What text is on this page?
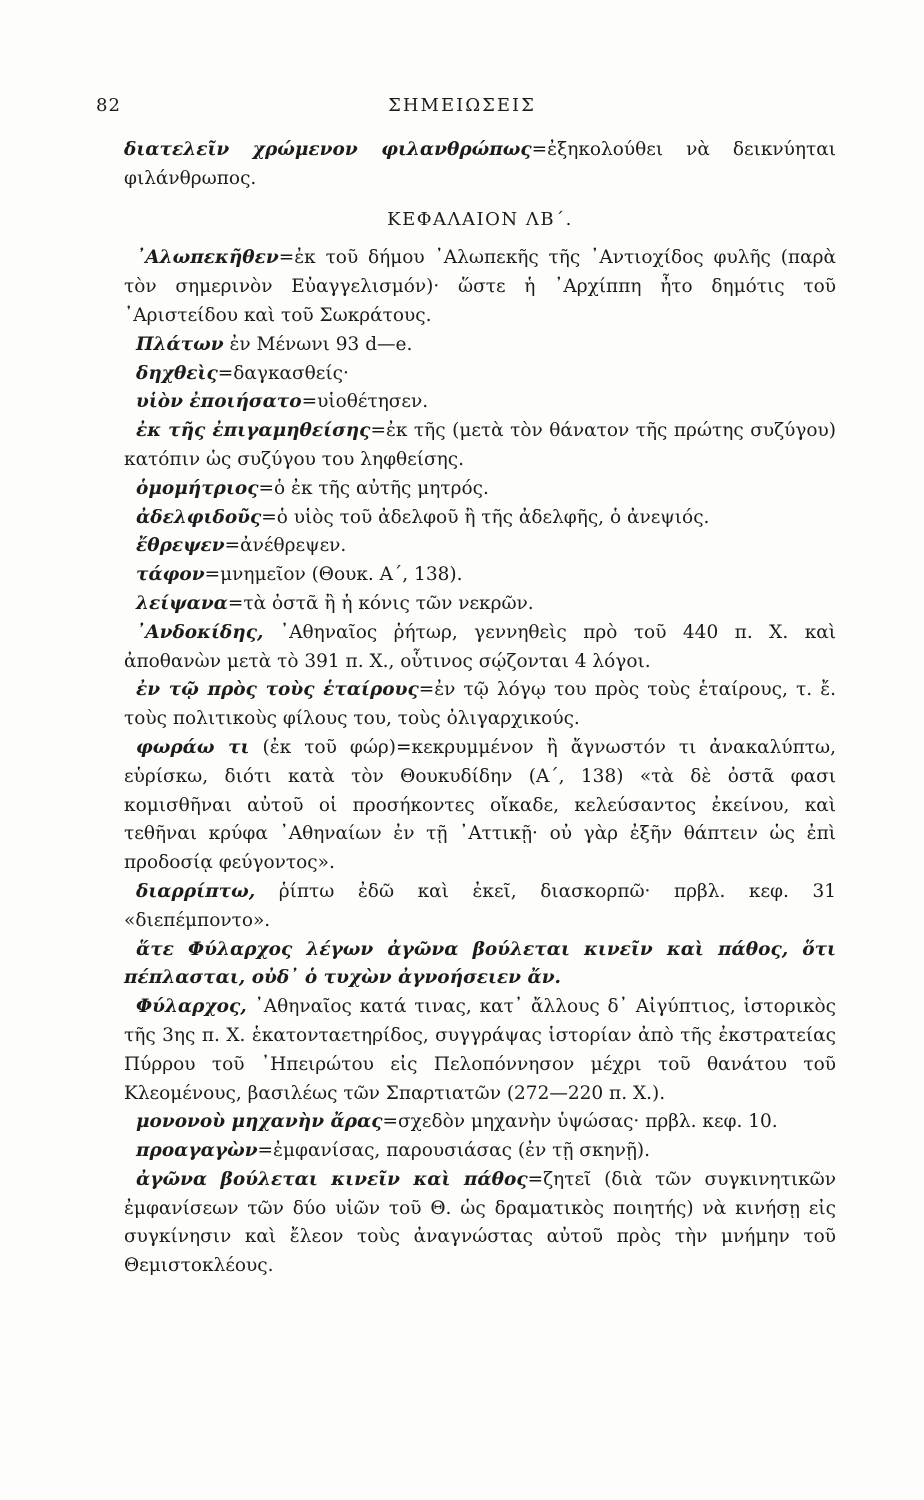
82	ΣΗΜΕΙΩΣΕΙΣ

διατελεῖν χρώμενον φιλανθρώπως=ἐξηκολούθει νὰ δεικνύηται φιλάνθρωπος.

ΚΕΦΑΛΑΙΟΝ ΛΒ΄.

᾿Αλωπεκῆθεν=ἐκ τοῦ δήμου ᾿Αλωπεκῆς τῆς ᾿Αντιοχίδος φυλῆς (παρὰ τὸν σημερινὸν Εὐαγγελισμόν)· ὥστε ἡ ᾿Αρχίππη ἦτο δημότις τοῦ ᾿Αριστείδου καὶ τοῦ Σωκράτους.

Πλάτων ἐν Μένωνι 93 d—e.

δηχθεὶς=δαγκασθείς·

υἱὸν ἐποιήσατο=υἱοθέτησεν.

ἐκ τῆς ἐπιγαμηθείσης=ἐκ τῆς (μετὰ τὸν θάνατον τῆς πρώτης συζύγου) κατόπιν ὡς συζύγου του ληφθείσης.

ὁμομήτριος=ὁ ἐκ τῆς αὐτῆς μητρός.

ἀδελφιδοῦς=ὁ υἱὸς τοῦ ἀδελφοῦ ἢ τῆς ἀδελφῆς, ὁ ἀνεψιός.

ἔθρεψεν=ἀνέθρεψεν.

τάφον=μνημεῖον (Θουκ. Α΄, 138).

λείψανα=τὰ ὀστᾶ ἢ ἡ κόνις τῶν νεκρῶν.

᾿Ανδοκίδης, ᾿Αθηναῖος ῥήτωρ, γεννηθεὶς πρὸ τοῦ 440 π. Χ. καὶ ἀποθανὼν μετὰ τὸ 391 π. Χ., οὗτινος σῴζονται 4 λόγοι.

ἐν τῷ πρὸς τοὺς ἑταίρους=ἐν τῷ λόγῳ του πρὸς τοὺς ἑταίρους, τ. ἔ. τοὺς πολιτικοὺς φίλους του, τοὺς ὀλιγαρχικούς.

φωράω τι (ἐκ τοῦ φώρ)=κεκρυμμένον ἢ ἄγνωστόν τι ἀνακαλύπτω, εὑρίσκω, διότι κατὰ τὸν Θουκυδίδην (Α΄, 138) «τὰ δὲ ὀστᾶ φασι κομισθῆναι αὐτοῦ οἱ προσήκοντες οἴκαδε, κελεύσαντος ἐκείνου, καὶ τεθῆναι κρύφα ᾿Αθηναίων ἐν τῇ ᾿Αττικῇ· οὐ γὰρ ἐξῆν θάπτειν ὡς ἐπὶ προδοσίᾳ φεύγοντος».

διαρρίπτω, ῥίπτω ἐδῶ καὶ ἐκεῖ, διασκορπῶ· πρβλ. κεφ. 31 «διεπέμποντο».

ἅτε Φύλαρχος λέγων ἀγῶνα βούλεται κινεῖν καὶ πάθος, ὅτι πέπλασται, οὐδ᾿ ὁ τυχὼν ἀγνοήσειεν ἄν.

Φύλαρχος, ᾿Αθηναῖος κατά τινας, κατ᾿ ἄλλους δ᾿ Αἰγύπτιος, ἱστορικὸς τῆς 3ης π. Χ. ἑκατονταετηρίδος, συγγράψας ἱστορίαν ἀπὸ τῆς ἐκστρατείας Πύρρου τοῦ ᾿Ηπειρώτου εἰς Πελοπόννησον μέχρι τοῦ θανάτου τοῦ Κλεομένους, βασιλέως τῶν Σπαρτιατῶν (272—220 π. Χ.).

μονονοὺ μηχανὴν ἄρας=σχεδὸν μηχανὴν ὑψώσας· πρβλ. κεφ. 10.

προαγαγὼν=ἐμφανίσας, παρουσιάσας (ἐν τῇ σκηνῇ).

ἀγῶνα βούλεται κινεῖν καὶ πάθος=ζητεῖ (διὰ τῶν συγκινητικῶν ἐμφανίσεων τῶν δύο υἱῶν τοῦ Θ. ὡς δραματικὸς ποιητής) νὰ κινήσῃ εἰς συγκίνησιν καὶ ἔλεον τοὺς ἀναγνώστας αὐτοῦ πρὸς τὴν μνήμην τοῦ Θεμιστοκλέους.
